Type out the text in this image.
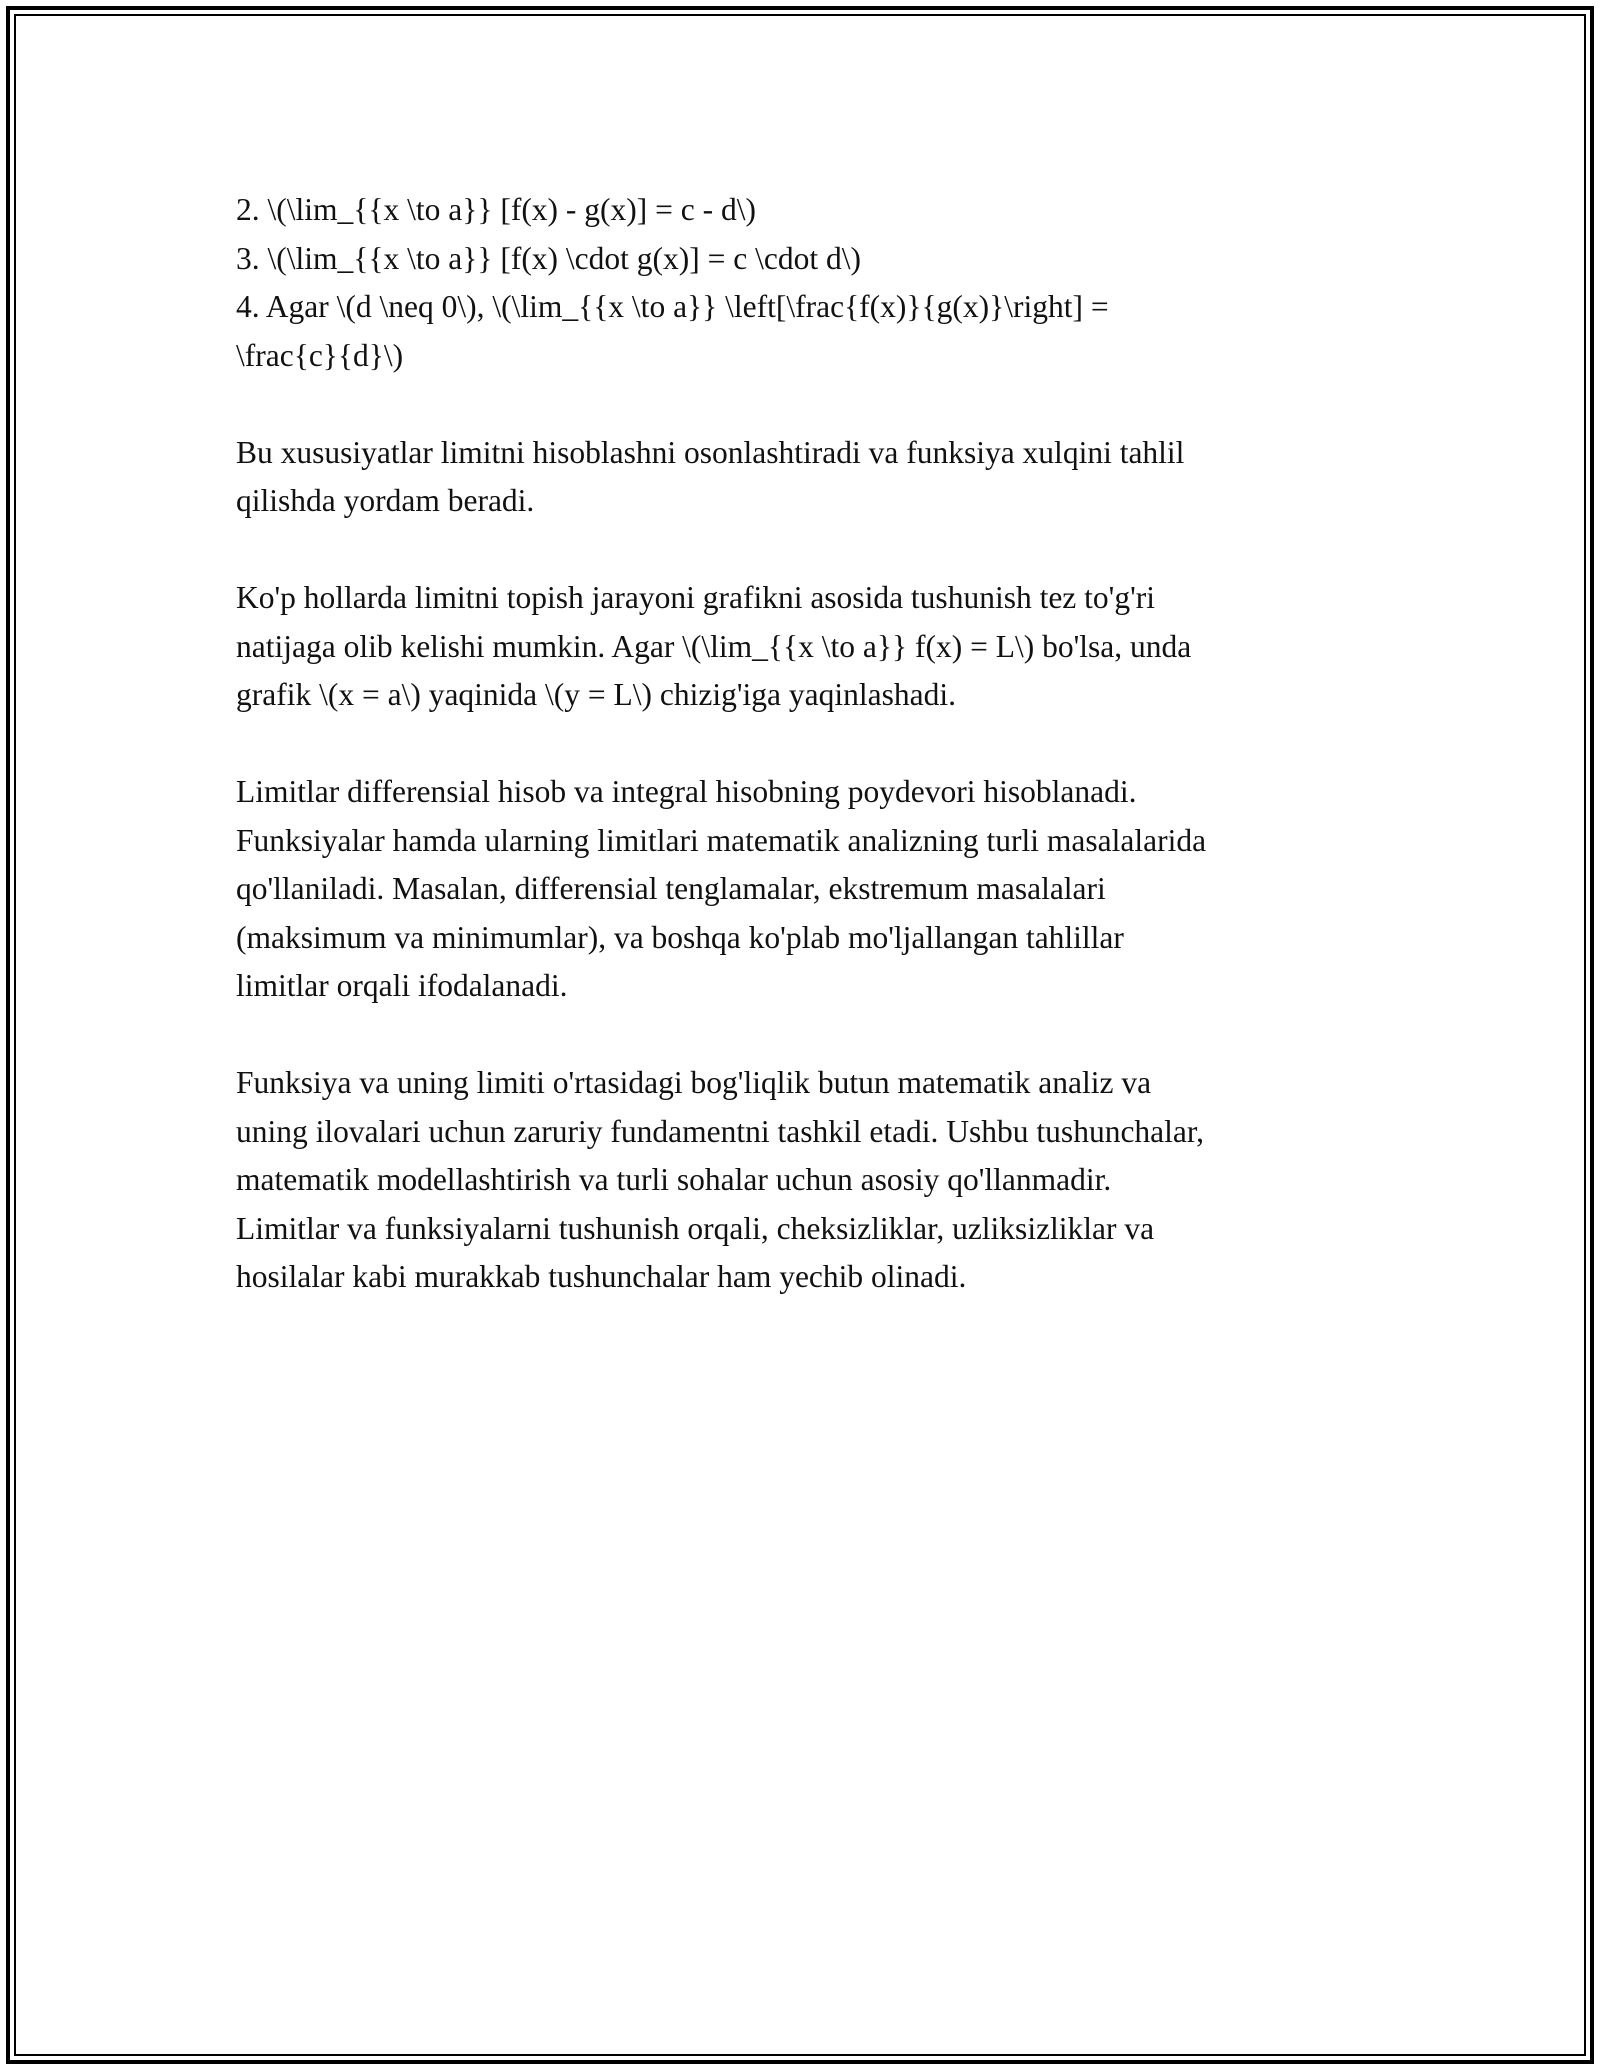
2. \(\lim_{{x \to a}} [f(x) - g(x)] = c - d\)

3. \(\lim_{{x \to a}} [f(x) \cdot g(x)] = c \cdot d\)

4. Agar \(d \neq 0\), \(\lim_{{x \to a}} \left[\frac{f(x)}{g(x)}\right] =
\frac{c}{d}\)

Bu xususiyatlar limitni hisoblashni osonlashtiradi va funksiya xulqini tahlil
qilishda yordam beradi.

Ko'p hollarda limitni topish jarayoni grafikni asosida tushunish tez to'g'ri
natijaga olib kelishi mumkin. Agar \(\lim_{{x \to a}} f(x) = L\) bo'lsa, unda
grafik \(x = a\) yaqinida \(y = L\) chizig'iga yaqinlashadi.

Limitlar differensial hisob va integral hisobning poydevori hisoblanadi.
Funksiyalar hamda ularning limitlari matematik analizning turli masalalarida
qo'llaniladi. Masalan, differensial tenglamalar, ekstremum masalalari
(maksimum va minimumlar), va boshqa ko'plab mo'ljallangan tahlillar
limitlar orqali ifodalanadi.

Funksiya va uning limiti o'rtasidagi bog'liqlik butun matematik analiz va
uning ilovalari uchun zaruriy fundamentni tashkil etadi. Ushbu tushunchalar,
matematik modellashtirish va turli sohalar uchun asosiy qo'llanmadir.
Limitlar va funksiyalarni tushunish orqali, cheksizliklar, uzliksizliklar va
hosilalar kabi murakkab tushunchalar ham yechib olinadi.
